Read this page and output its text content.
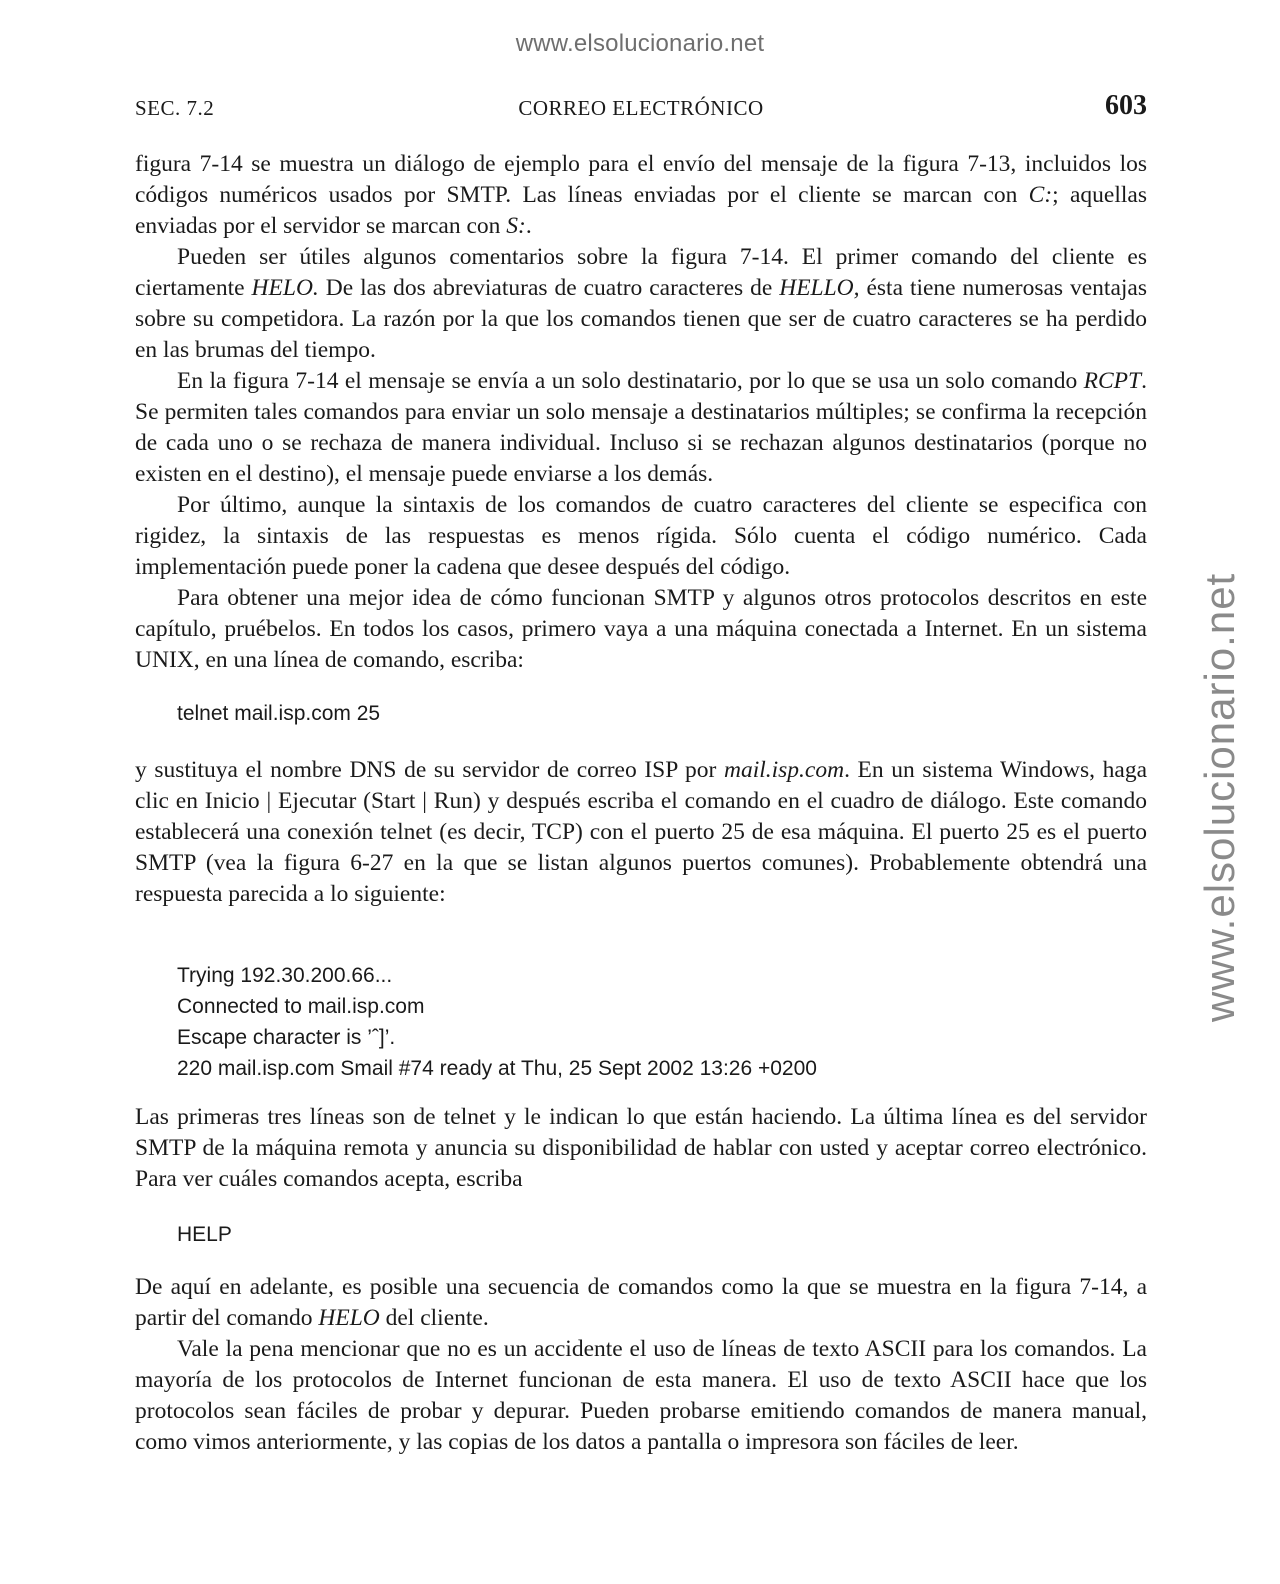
www.elsolucionario.net
www.elsolucionario.net
SEC. 7.2	CORREO ELECTRÓNICO	603

figura 7-14 se muestra un diálogo de ejemplo para el envío del mensaje de la figura 7-13, incluidos los códigos numéricos usados por SMTP. Las líneas enviadas por el cliente se marcan con C:; aquellas enviadas por el servidor se marcan con S:.

Pueden ser útiles algunos comentarios sobre la figura 7-14. El primer comando del cliente es ciertamente HELO. De las dos abreviaturas de cuatro caracteres de HELLO, ésta tiene numerosas ventajas sobre su competidora. La razón por la que los comandos tienen que ser de cuatro caracteres se ha perdido en las brumas del tiempo.

En la figura 7-14 el mensaje se envía a un solo destinatario, por lo que se usa un solo comando RCPT. Se permiten tales comandos para enviar un solo mensaje a destinatarios múltiples; se confirma la recepción de cada uno o se rechaza de manera individual. Incluso si se rechazan algunos destinatarios (porque no existen en el destino), el mensaje puede enviarse a los demás.

Por último, aunque la sintaxis de los comandos de cuatro caracteres del cliente se especifica con rigidez, la sintaxis de las respuestas es menos rígida. Sólo cuenta el código numérico. Cada implementación puede poner la cadena que desee después del código.

Para obtener una mejor idea de cómo funcionan SMTP y algunos otros protocolos descritos en este capítulo, pruébelos. En todos los casos, primero vaya a una máquina conectada a Internet. En un sistema UNIX, en una línea de comando, escriba:

telnet mail.isp.com 25

y sustituya el nombre DNS de su servidor de correo ISP por mail.isp.com. En un sistema Windows, haga clic en Inicio | Ejecutar (Start | Run) y después escriba el comando en el cuadro de diálogo. Este comando establecerá una conexión telnet (es decir, TCP) con el puerto 25 de esa máquina. El puerto 25 es el puerto SMTP (vea la figura 6-27 en la que se listan algunos puertos comunes). Probablemente obtendrá una respuesta parecida a lo siguiente:

Trying 192.30.200.66...
Connected to mail.isp.com
Escape character is ’ˆ]’.
220 mail.isp.com Smail #74 ready at Thu, 25 Sept 2002 13:26 +0200

Las primeras tres líneas son de telnet y le indican lo que están haciendo. La última línea es del servidor SMTP de la máquina remota y anuncia su disponibilidad de hablar con usted y aceptar correo electrónico. Para ver cuáles comandos acepta, escriba

HELP

De aquí en adelante, es posible una secuencia de comandos como la que se muestra en la figura 7-14, a partir del comando HELO del cliente.

Vale la pena mencionar que no es un accidente el uso de líneas de texto ASCII para los comandos. La mayoría de los protocolos de Internet funcionan de esta manera. El uso de texto ASCII hace que los protocolos sean fáciles de probar y depurar. Pueden probarse emitiendo comandos de manera manual, como vimos anteriormente, y las copias de los datos a pantalla o impresora son fáciles de leer.
